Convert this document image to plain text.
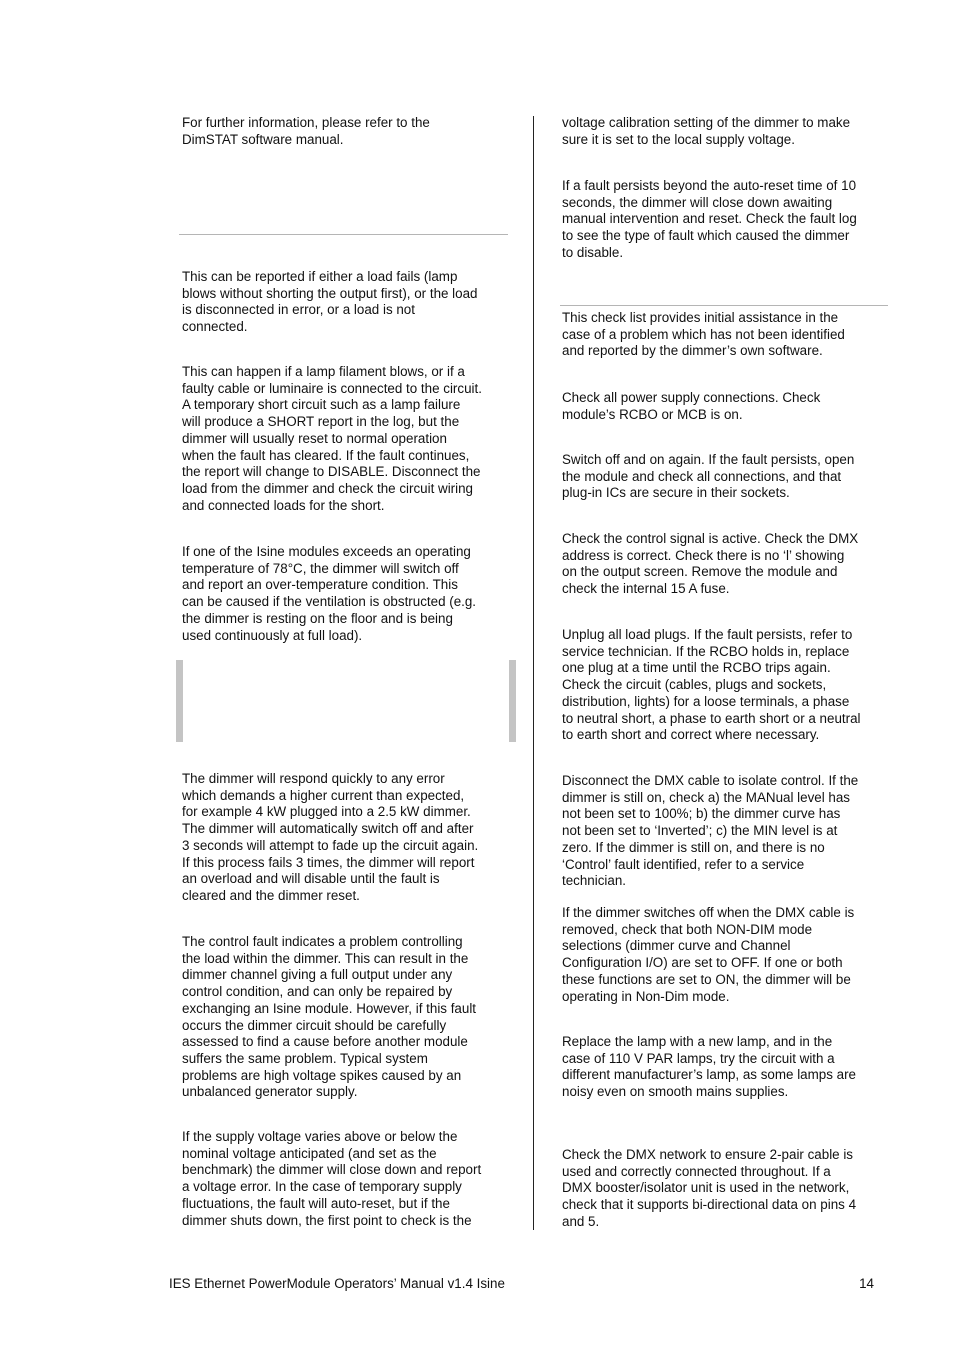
For further information, please refer to the
DimSTAT software manual.

This can be reported if either a load fails (lamp
blows without shorting the output first), or the load
is disconnected in error, or a load is not
connected.

This can happen if a lamp filament blows, or if a
faulty cable or luminaire is connected to the circuit.
A temporary short circuit such as a lamp failure
will produce a SHORT report in the log, but the
dimmer will usually reset to normal operation
when the fault has cleared. If the fault continues,
the report will change to DISABLE. Disconnect the
load from the dimmer and check the circuit wiring
and connected loads for the short.

If one of the Isine modules exceeds an operating
temperature of 78°C, the dimmer will switch off
and report an over-temperature condition. This
can be caused if the ventilation is obstructed (e.g.
the dimmer is resting on the floor and is being
used continuously at full load).

The dimmer will respond quickly to any error
which demands a higher current than expected,
for example 4 kW plugged into a 2.5 kW dimmer.
The dimmer will automatically switch off and after
3 seconds will attempt to fade up the circuit again.
If this process fails 3 times, the dimmer will report
an overload and will disable until the fault is
cleared and the dimmer reset.

The control fault indicates a problem controlling
the load within the dimmer. This can result in the
dimmer channel giving a full output under any
control condition, and can only be repaired by
exchanging an Isine module. However, if this fault
occurs the dimmer circuit should be carefully
assessed to find a cause before another module
suffers the same problem. Typical system
problems are high voltage spikes caused by an
unbalanced generator supply.

If the supply voltage varies above or below the
nominal voltage anticipated (and set as the
benchmark) the dimmer will close down and report
a voltage error. In the case of temporary supply
fluctuations, the fault will auto-reset, but if the
dimmer shuts down, the first point to check is the

voltage calibration setting of the dimmer to make
sure it is set to the local supply voltage.

If a fault persists beyond the auto-reset time of 10
seconds, the dimmer will close down awaiting
manual intervention and reset. Check the fault log
to see the type of fault which caused the dimmer
to disable.

This check list provides initial assistance in the
case of a problem which has not been identified
and reported by the dimmer’s own software.

Check all power supply connections. Check
module’s RCBO or MCB is on.

Switch off and on again. If the fault persists, open
the module and check all connections, and that
plug-in ICs are secure in their sockets.

Check the control signal is active. Check the DMX
address is correct. Check there is no ‘l’ showing
on the output screen. Remove the module and
check the internal 15 A fuse.

Unplug all load plugs. If the fault persists, refer to
service technician. If the RCBO holds in, replace
one plug at a time until the RCBO trips again.
Check the circuit (cables, plugs and sockets,
distribution, lights) for a loose terminals, a phase
to neutral short, a phase to earth short or a neutral
to earth short and correct where necessary.

Disconnect the DMX cable to isolate control. If the
dimmer is still on, check a) the MANual level has
not been set to 100%; b) the dimmer curve has
not been set to ‘Inverted’; c) the MIN level is at
zero. If the dimmer is still on, and there is no
‘Control’ fault identified, refer to a service
technician.

If the dimmer switches off when the DMX cable is
removed, check that both NON-DIM mode
selections (dimmer curve and Channel
Configuration I/O) are set to OFF. If one or both
these functions are set to ON, the dimmer will be
operating in Non-Dim mode.

Replace the lamp with a new lamp, and in the
case of 110 V PAR lamps, try the circuit with a
different manufacturer’s lamp, as some lamps are
noisy even on smooth mains supplies.

Check the DMX network to ensure 2-pair cable is
used and correctly connected throughout. If a
DMX booster/isolator unit is used in the network,
check that it supports bi-directional data on pins 4
and 5.

IES Ethernet PowerModule Operators’ Manual v1.4 Isine	14
